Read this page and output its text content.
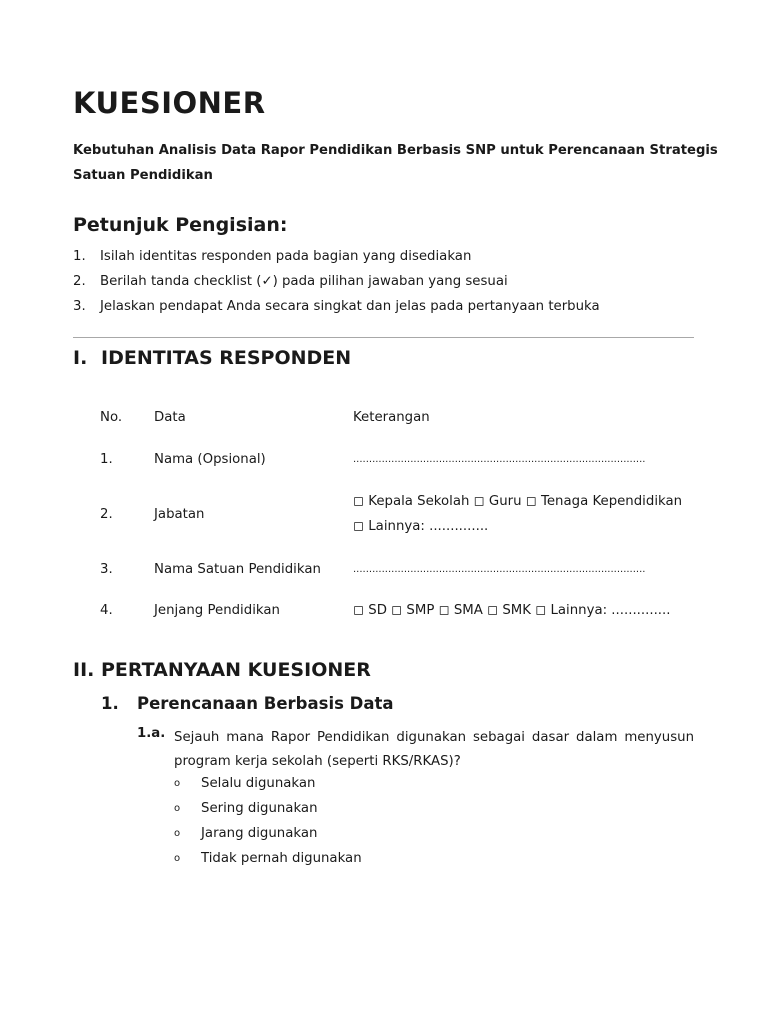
KUESIONER
Kebutuhan Analisis Data Rapor Pendidikan Berbasis SNP untuk Perencanaan Strategis
Satuan Pendidikan
Petunjuk Pengisian:
1. Isilah identitas responden pada bagian yang disediakan
2. Berilah tanda checklist (✓) pada pilihan jawaban yang sesuai
3. Jelaskan pendapat Anda secara singkat dan jelas pada pertanyaan terbuka
I. IDENTITAS RESPONDEN
No. Data	Keterangan
1.	Nama (Opsional)	............................................................................................
2.	Jabatan
◻ Kepala Sekolah ◻ Guru ◻ Tenaga Kependidikan
◻ Lainnya: ..............
3.	Nama Satuan Pendidikan	............................................................................................
4.	Jenjang Pendidikan	◻ SD ◻ SMP ◻ SMA ◻ SMK ◻ Lainnya: ..............
II. PERTANYAAN KUESIONER
1. Perencanaan Berbasis Data
1.a. Sejauh mana Rapor Pendidikan digunakan sebagai dasar dalam menyusun program kerja sekolah (seperti RKS/RKAS)?
o Selalu digunakan
o Sering digunakan
o Jarang digunakan
o Tidak pernah digunakan
